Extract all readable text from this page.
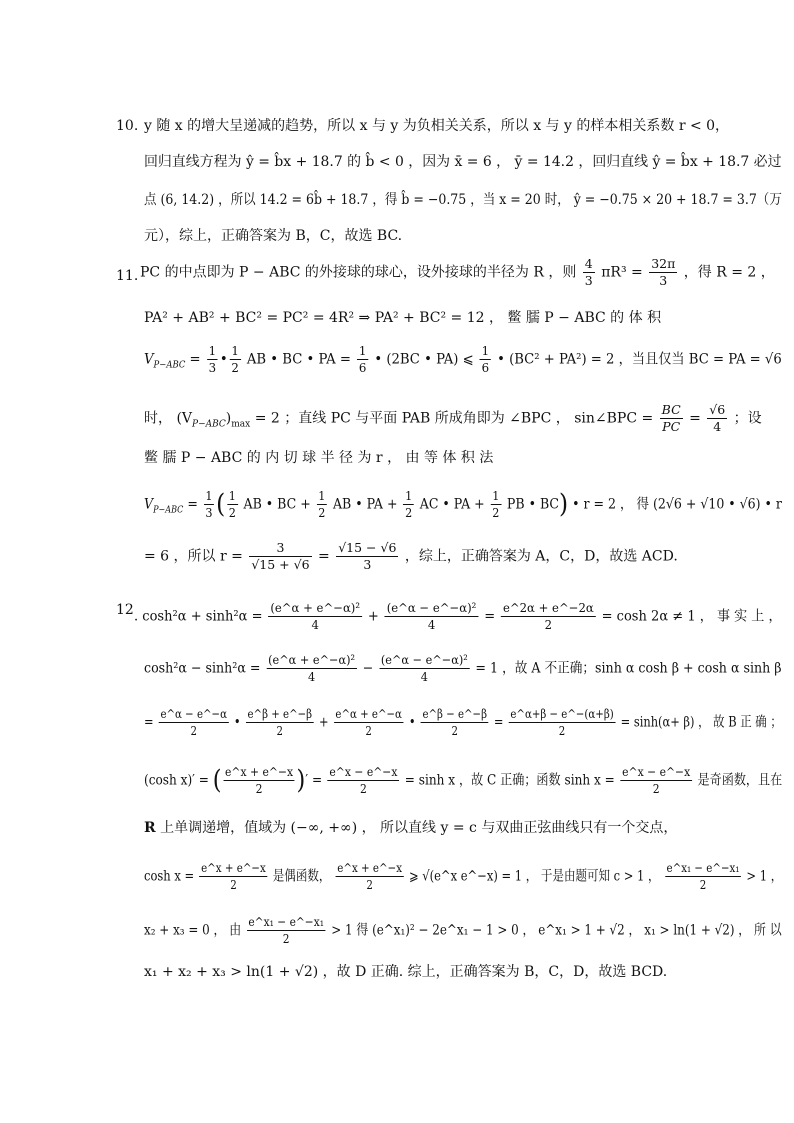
10. y 随 x 的增大呈递减的趋势，所以 x 与 y 为负相关关系，所以 x 与 y 的样本相关系数 r < 0，
回归直线方程为 ŷ = b̂x + 18.7 的 b̂ < 0 ，因为 x̄ = 6 ， ȳ = 14.2 ，回归直线 ŷ = b̂x + 18.7 必过
点 (6, 14.2) ，所以 14.2 = 6b̂ + 18.7 ，得 b̂ = −0.75 ，当 x = 20 时， ŷ = −0.75 × 20 + 18.7 = 3.7（万
元），综上，正确答案为 B，C，故选 BC.
11. PC 的中点即为 P − ABC 的外接球的球心，设外接球的半径为 R ，则 $\frac{4}{3} \pi R^3 = \frac{32\pi}{3}$ ，得 R = 2 ，
PA² + AB² + BC² = PC² = 4R² ⇒ PA² + BC² = 12 ， 鳖 臑 P − ABC 的 体 积
$V_{P-ABC} = \frac{1}{3}$ • $\frac{1}{2}$ AB • BC • PA = $\frac{1}{6}$ • (2BC • PA) ⩽ $\frac{1}{6}$ • (BC² + PA²) = 2 ，当且仅当 BC = PA = √6
时， $(V_{P-ABC})_{max} = 2$ ；直线 PC 与平面 PAB 所成角即为 ∠BPC ， sin∠BPC = $\frac{BC}{PC} = \frac{√6}{4}$ ；设
鳖 臑 P − ABC 的 内 切 球 半 径 为 r ， 由 等 体 积 法
$V_{P-ABC} = \frac{1}{3}$ ( $\frac{1}{2}$ AB • BC + $\frac{1}{2}$ AB • PA + $\frac{1}{2}$ AC • PA + $\frac{1}{2}$ PB • BC) • r = 2 ， 得 (2√6 + √10 • √6) • r
= 6 ，所以 $r = \frac{3}{√15 + √6} = \frac{√15 - √6}{3}$ ，综上，正确答案为 A，C，D，故选 ACD.
12 . $\cosh^2\alpha + \sinh^2\alpha = \frac{\text{(e\textasciicircum{}α + e\textasciicircum{}−α)²}}{4} + \frac{\text{(e\textasciicircum{}α − e\textasciicircum{}−α)²}}{4} = \frac{e\^{}2\alpha + e\^{}-2\alpha}{2} = \cosh 2\alpha \ne 1$ ， 事 实 上 ，
$\cosh^2\alpha - \sinh^2\alpha = \frac{\text{(e\textasciicircum{}α + e\textasciicircum{}−α)²}}{4} - \frac{\text{(e\textasciicircum{}α − e\textasciicircum{}−α)²}}{4} = 1$ ，故 A 不正确；sinh α cosh β + cosh α sinh β
= $\frac{e\^{}\alpha - e\^{}-\alpha}{2}$ • $\frac{e\^{}\beta + e\^{}-\beta}{2} + \frac{e\^{}\alpha + e\^{}-\alpha}{2}$ • $\frac{e\^{}\beta - e\^{}-\beta}{2} = \frac{e\^{}\alpha+\beta - e\^{}-(\alpha+\beta)}{2} = \sinh(\alpha+ \beta)$ ， 故 B 正 确 ；
(cosh x)′ = ( $\frac{e\^{}x + e\^{}-x}{2}$ )′ = $\frac{e\^{}x - e\^{}-x}{2} = \sinh x$ ，故 C 正确；函数 $\sinh x = \frac{e\^{}x - e\^{}-x}{2}$ 是奇函数，且在
R 上单调递增，值域为 (−∞, +∞) ， 所以直线 y = c 与双曲正弦曲线只有一个交点，
$\cosh x = \frac{e\^{}x + e\^{}-x}{2}$ 是偶函数， $\frac{e\^{}x + e\^{}-x}{2}$ ⩾ √(e^x e^−x) = 1 ， 于是由题可知 c > 1 ， $\frac{\text{e\textasciicircum{}x₁ − e\textasciicircum{}−x₁}}{2} > 1$ ，
x₂ + x₃ = 0 ， 由 $\frac{\text{e\textasciicircum{}x₁ − e\textasciicircum{}−x₁}}{2} > 1$ 得 (e^x₁)² − 2e^x₁ − 1 > 0 ， e^x₁ > 1 + √2 ， x₁ > ln(1 + √2) ， 所 以
x₁ + x₂ + x₃ > ln(1 + √2) ，故 D 正确. 综上，正确答案为 B，C，D，故选 BCD.
